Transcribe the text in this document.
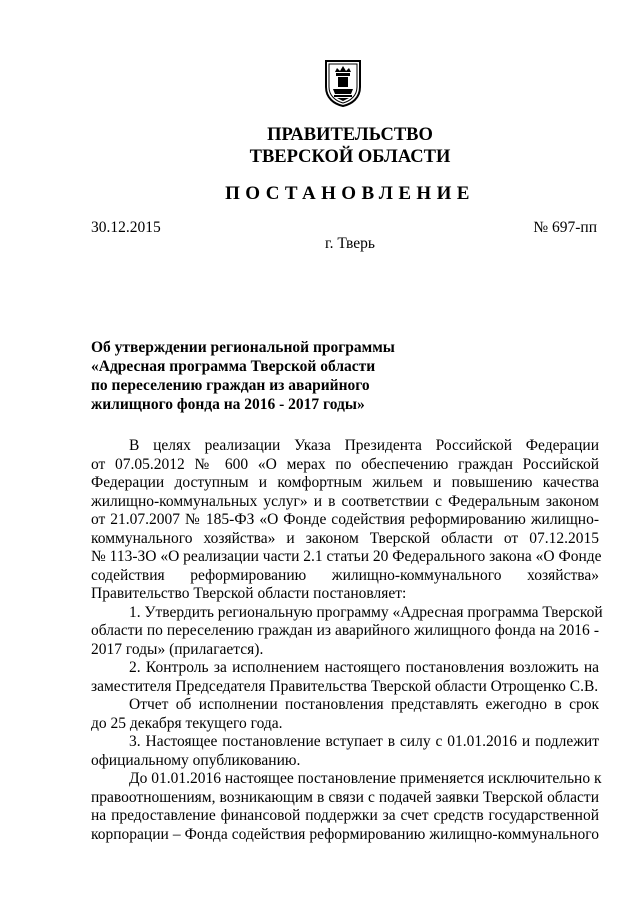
ПРАВИТЕЛЬСТВО
ТВЕРСКОЙ ОБЛАСТИ
ПОСТАНОВЛЕНИЕ
30.12.2015	№ 697-пп
г. Тверь
Об утверждении региональной программы
«Адресная программа Тверской области
по переселению граждан из аварийного
жилищного фонда на 2016 - 2017 годы»
В целях реализации Указа Президента Российской Федерации
от 07.05.2012 № 600 «О мерах по обеспечению граждан Российской
Федерации доступным и комфортным жильем и повышению качества
жилищно-коммунальных услуг» и в соответствии с Федеральным законом
от 21.07.2007 № 185-ФЗ «О Фонде содействия реформированию жилищно-
коммунального хозяйства» и законом Тверской области от 07.12.2015
№ 113-ЗО «О реализации части 2.1 статьи 20 Федерального закона «О Фонде
содействия реформированию жилищно-коммунального хозяйства»
Правительство Тверской области постановляет:
1. Утвердить региональную программу «Адресная программа Тверской
области по переселению граждан из аварийного жилищного фонда на 2016 -
2017 годы» (прилагается).
2. Контроль за исполнением настоящего постановления возложить на
заместителя Председателя Правительства Тверской области Отрощенко С.В.
Отчет об исполнении постановления представлять ежегодно в срок
до 25 декабря текущего года.
3. Настоящее постановление вступает в силу с 01.01.2016 и подлежит
официальному опубликованию.
До 01.01.2016 настоящее постановление применяется исключительно к
правоотношениям, возникающим в связи с подачей заявки Тверской области
на предоставление финансовой поддержки за счет средств государственной
корпорации – Фонда содействия реформированию жилищно-коммунального
